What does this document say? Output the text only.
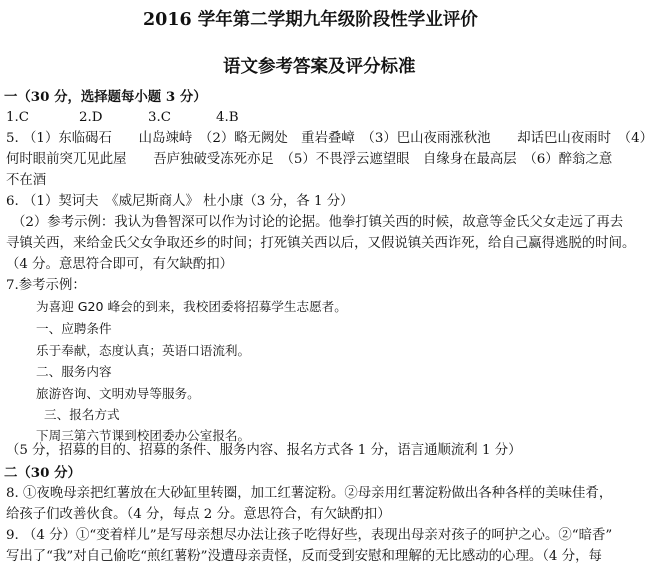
2016 学年第二学期九年级阶段性学业评价
语文参考答案及评分标准
一（30 分，选择题每小题 3 分）
1.C	2.D	3.C	4.B
5. （1）东临碣石　　山岛竦峙　（2）略无阙处　重岩叠嶂　（3）巴山夜雨涨秋池　　却话巴山夜雨时　（4）
何时眼前突兀见此屋　　吾庐独破受冻死亦足　（5）不畏浮云遮望眼　自缘身在最高层　（6）醉翁之意
不在酒
6. （1）契诃夫　《威尼斯商人》 杜小康（3 分，各 1 分）
（2）参考示例：我认为鲁智深可以作为讨论的论据。他拳打镇关西的时候，故意等金氏父女走远了再去
寻镇关西，来给金氏父女争取还乡的时间；打死镇关西以后，又假说镇关西诈死，给自己赢得逃脱的时间。
（4 分。意思符合即可，有欠缺酌扣）
7.参考示例：
为喜迎 G20 峰会的到来，我校团委将招募学生志愿者。
一、应聘条件
乐于奉献，态度认真；英语口语流利。
二、服务内容
旅游咨询、文明劝导等服务。
三、报名方式
下周三第六节课到校团委办公室报名。
（5 分，招募的目的、招募的条件、服务内容、报名方式各 1 分，语言通顺流利 1 分）
二（30 分）
8. ①夜晚母亲把红薯放在大砂缸里转圈，加工红薯淀粉。②母亲用红薯淀粉做出各种各样的美味佳肴，
给孩子们改善伙食。（4 分，每点 2 分。意思符合，有欠缺酌扣）
9. （4 分）①“变着样儿”是写母亲想尽办法让孩子吃得好些，表现出母亲对孩子的呵护之心。②“暗香”
写出了“我”对自己偷吃“煎红薯粉”没遭母亲责怪，反而受到安慰和理解的无比感动的心理。（4 分，每
